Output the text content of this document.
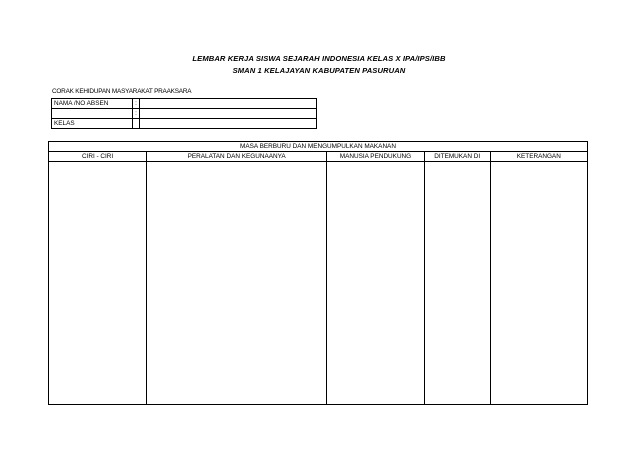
LEMBAR KERJA SISWA SEJARAH INDONESIA KELAS X IPA/IPS/IBB
SMAN 1 KELAJAYAN KABUPATEN PASURUAN
CORAK KEHIDUPAN MASYARAKAT PRAAKSARA
NAMA /NO ABSEN	:	
	:	
KELAS		
MASA BERBURU DAN MENGUMPULKAN MAKANAN				
CIRI - CIRI	PERALATAN DAN KEGUNAANYA	MANUSIA PENDUKUNG	DITEMUKAN DI	KETERANGAN
